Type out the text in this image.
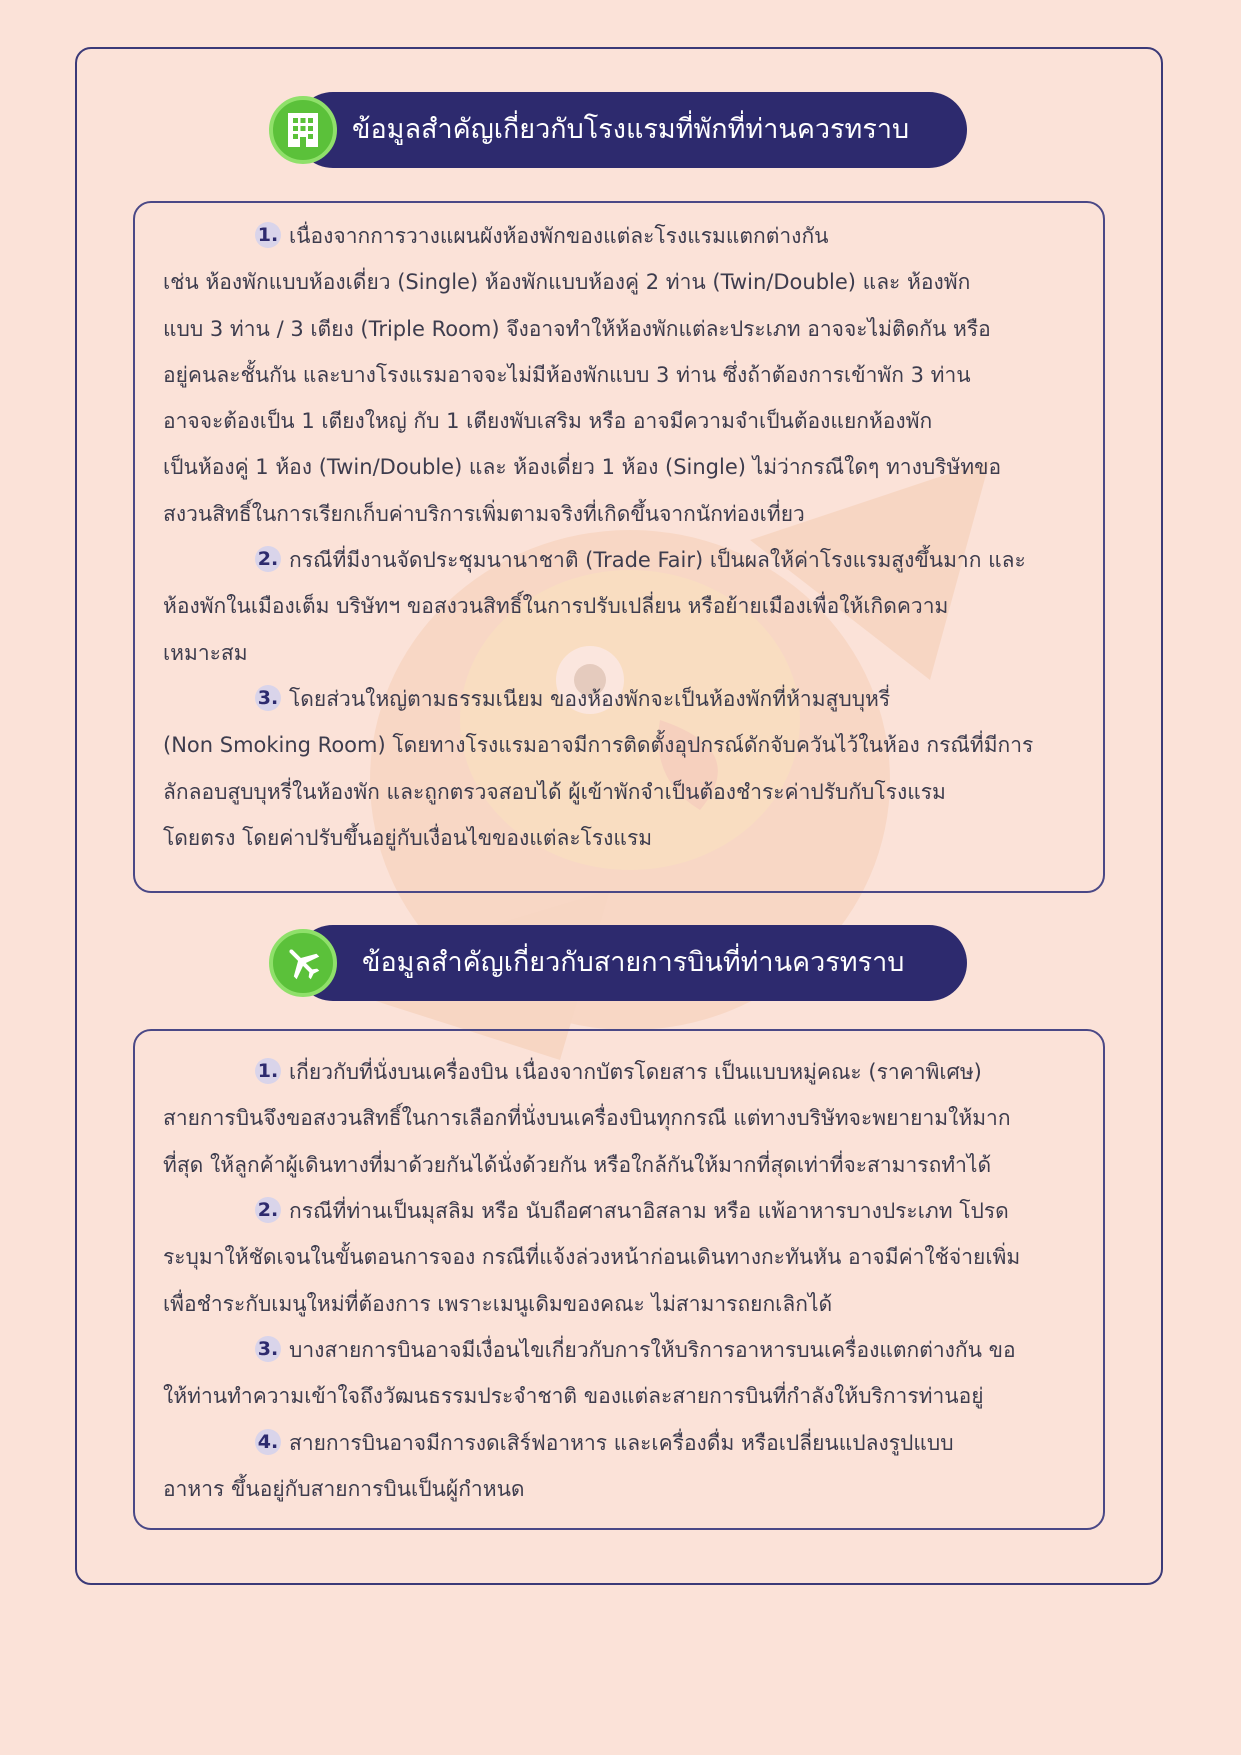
ข้อมูลสำคัญเกี่ยวกับโรงแรมที่พักที่ท่านควรทราบ
1. เนื่องจากการวางแผนผังห้องพักของแต่ละโรงแรมแตกต่างกัน
เช่น ห้องพักแบบห้องเดี่ยว (Single) ห้องพักแบบห้องคู่ 2 ท่าน (Twin/Double) และ ห้องพัก
แบบ 3 ท่าน / 3 เตียง (Triple Room) จึงอาจทำให้ห้องพักแต่ละประเภท อาจจะไม่ติดกัน หรือ
อยู่คนละชั้นกัน และบางโรงแรมอาจจะไม่มีห้องพักแบบ 3 ท่าน ซึ่งถ้าต้องการเข้าพัก 3 ท่าน
อาจจะต้องเป็น 1 เตียงใหญ่ กับ 1 เตียงพับเสริม หรือ อาจมีความจำเป็นต้องแยกห้องพัก
เป็นห้องคู่ 1 ห้อง (Twin/Double) และ ห้องเดี่ยว 1 ห้อง (Single) ไม่ว่ากรณีใดๆ ทางบริษัทขอ
สงวนสิทธิ์ในการเรียกเก็บค่าบริการเพิ่มตามจริงที่เกิดขึ้นจากนักท่องเที่ยว
2. กรณีที่มีงานจัดประชุมนานาชาติ (Trade Fair) เป็นผลให้ค่าโรงแรมสูงขึ้นมาก และ
ห้องพักในเมืองเต็ม บริษัทฯ ขอสงวนสิทธิ์ในการปรับเปลี่ยน หรือย้ายเมืองเพื่อให้เกิดความ
เหมาะสม
3. โดยส่วนใหญ่ตามธรรมเนียม ของห้องพักจะเป็นห้องพักที่ห้ามสูบบุหรี่
(Non Smoking Room) โดยทางโรงแรมอาจมีการติดตั้งอุปกรณ์ดักจับควันไว้ในห้อง กรณีที่มีการ
ลักลอบสูบบุหรี่ในห้องพัก และถูกตรวจสอบได้ ผู้เข้าพักจำเป็นต้องชำระค่าปรับกับโรงแรม
โดยตรง โดยค่าปรับขึ้นอยู่กับเงื่อนไขของแต่ละโรงแรม
ข้อมูลสำคัญเกี่ยวกับสายการบินที่ท่านควรทราบ
1. เกี่ยวกับที่นั่งบนเครื่องบิน เนื่องจากบัตรโดยสาร เป็นแบบหมู่คณะ (ราคาพิเศษ)
สายการบินจึงขอสงวนสิทธิ์ในการเลือกที่นั่งบนเครื่องบินทุกกรณี แต่ทางบริษัทจะพยายามให้มาก
ที่สุด ให้ลูกค้าผู้เดินทางที่มาด้วยกันได้นั่งด้วยกัน หรือใกล้กันให้มากที่สุดเท่าที่จะสามารถทำได้
2. กรณีที่ท่านเป็นมุสลิม หรือ นับถือศาสนาอิสลาม หรือ แพ้อาหารบางประเภท โปรด
ระบุมาให้ชัดเจนในขั้นตอนการจอง กรณีที่แจ้งล่วงหน้าก่อนเดินทางกะทันหัน อาจมีค่าใช้จ่ายเพิ่ม
เพื่อชำระกับเมนูใหม่ที่ต้องการ เพราะเมนูเดิมของคณะ ไม่สามารถยกเลิกได้
3. บางสายการบินอาจมีเงื่อนไขเกี่ยวกับการให้บริการอาหารบนเครื่องแตกต่างกัน ขอ
ให้ท่านทำความเข้าใจถึงวัฒนธรรมประจำชาติ ของแต่ละสายการบินที่กำลังให้บริการท่านอยู่
4. สายการบินอาจมีการงดเสิร์ฟอาหาร และเครื่องดื่ม หรือเปลี่ยนแปลงรูปแบบ
อาหาร ขึ้นอยู่กับสายการบินเป็นผู้กำหนด
